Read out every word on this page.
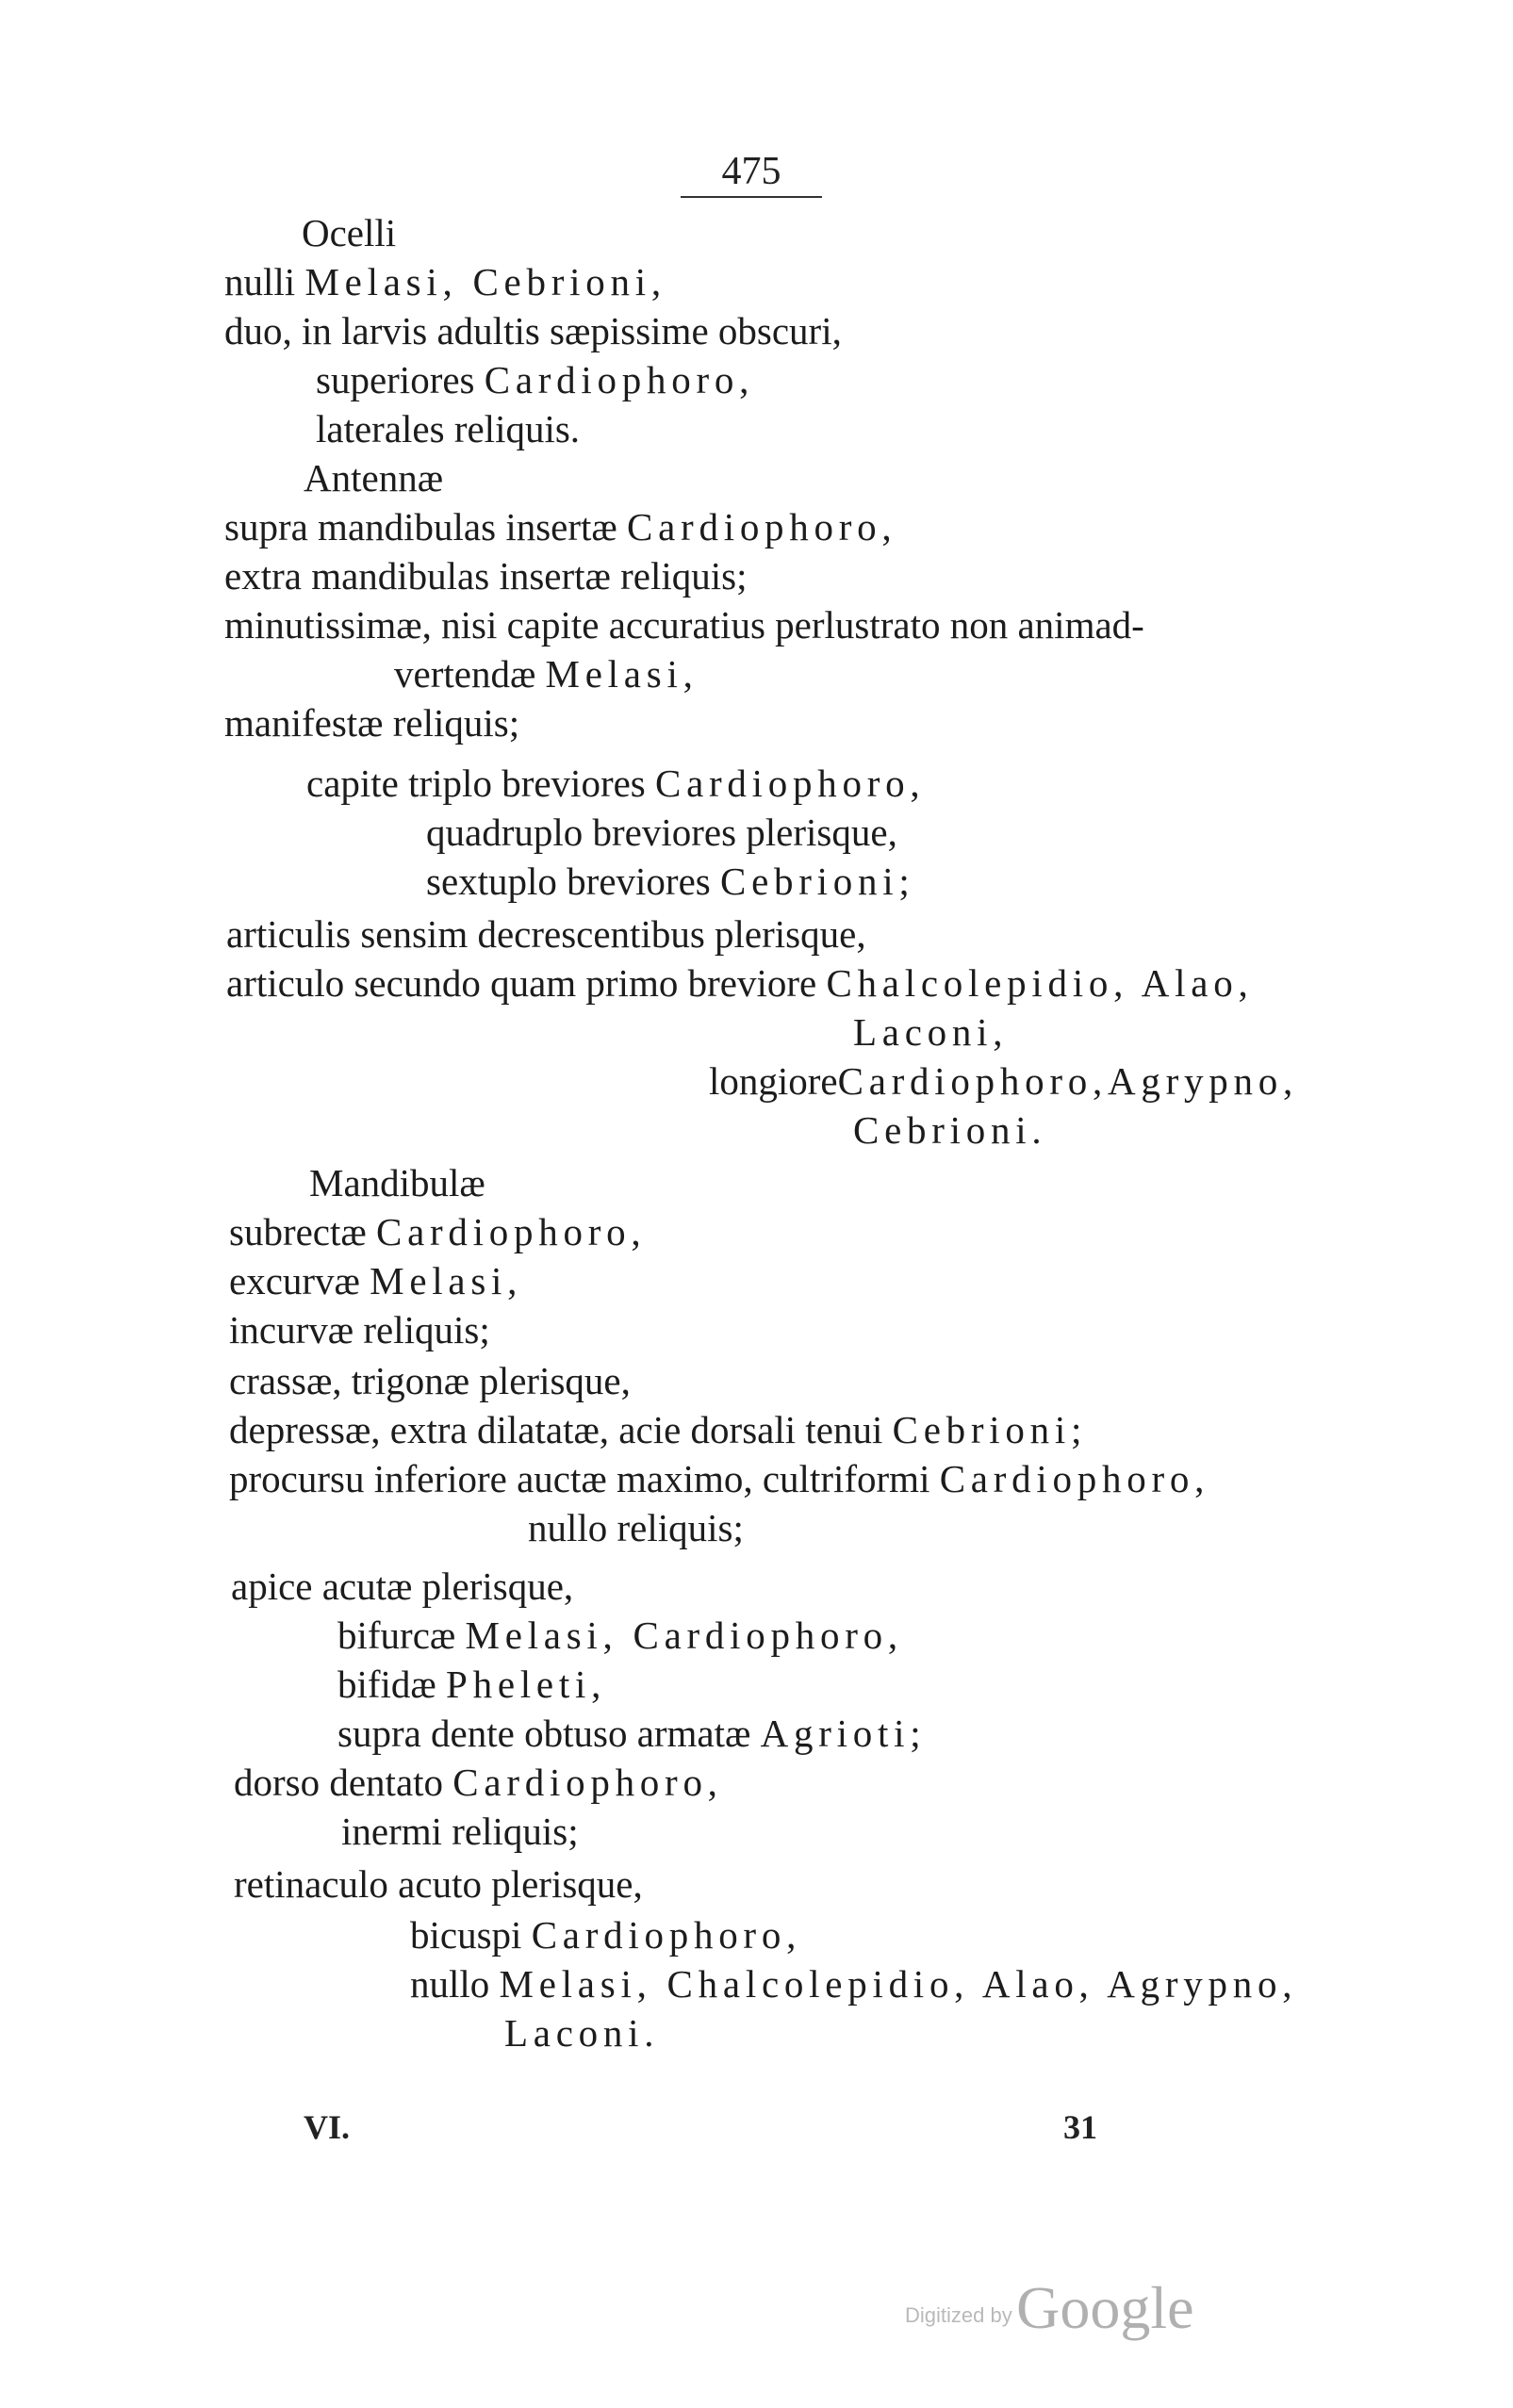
475
Ocelli
nulli Melasi, Cebrioni,
duo, in larvis adultis sæpissime obscuri,
superiores Cardiophoro,
laterales reliquis.
Antennæ
supra mandibulas insertæ Cardiophoro,
extra mandibulas insertæ reliquis;
minutissimæ, nisi capite accuratius perlustrato non animad-
vertendæ Melasi,
manifestæ reliquis;
capite triplo breviores Cardiophoro,
quadruplo breviores plerisque,
sextuplo breviores Cebrioni;
articulis sensim decrescentibus plerisque,
articulo secundo quam primo breviore Chalcolepidio, Alao,
Laconi,
longioreCardiophoro,Agrypno,
Cebrioni.
Mandibulæ
subrectæ Cardiophoro,
excurvæ Melasi,
incurvæ reliquis;
crassæ, trigonæ plerisque,
depressæ, extra dilatatæ, acie dorsali tenui Cebrioni;
procursu inferiore auctæ maximo, cultriformi Cardiophoro,
nullo reliquis;
apice acutæ plerisque,
bifurcæ Melasi, Cardiophoro,
bifidæ Pheleti,
supra dente obtuso armatæ Agrioti;
dorso dentato Cardiophoro,
inermi reliquis;
retinaculo acuto plerisque,
bicuspi Cardiophoro,
nullo Melasi, Chalcolepidio, Alao, Agrypno,
Laconi.
VI.	31
Digitized by Google
